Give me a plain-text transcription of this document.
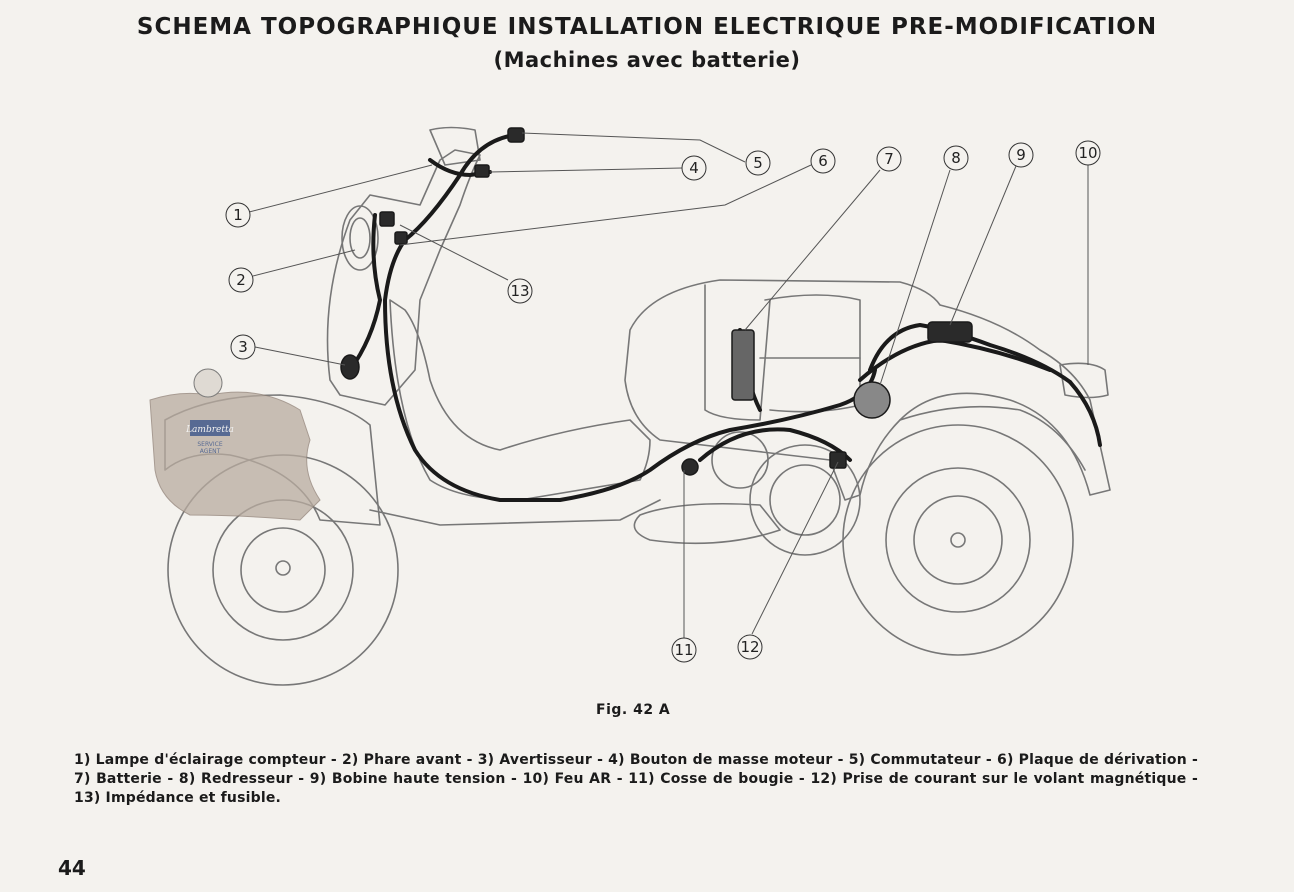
SCHEMA TOPOGRAPHIQUE INSTALLATION ELECTRIQUE PRE-MODIFICATION
(Machines avec batterie)
Lambretta
SERVICE
AGENT
1
2
3
4	5	6	7	8	9	10
11	12
13
Fig. 42 A
1) Lampe d'éclairage compteur - 2) Phare avant - 3) Avertisseur - 4) Bouton de masse moteur - 5) Commutateur - 6) Plaque de dérivation - 7) Batterie - 8) Redresseur - 9) Bobine haute tension - 10) Feu AR - 11) Cosse de bougie - 12) Prise de courant sur le volant magnétique - 13) Impédance et fusible.
44
